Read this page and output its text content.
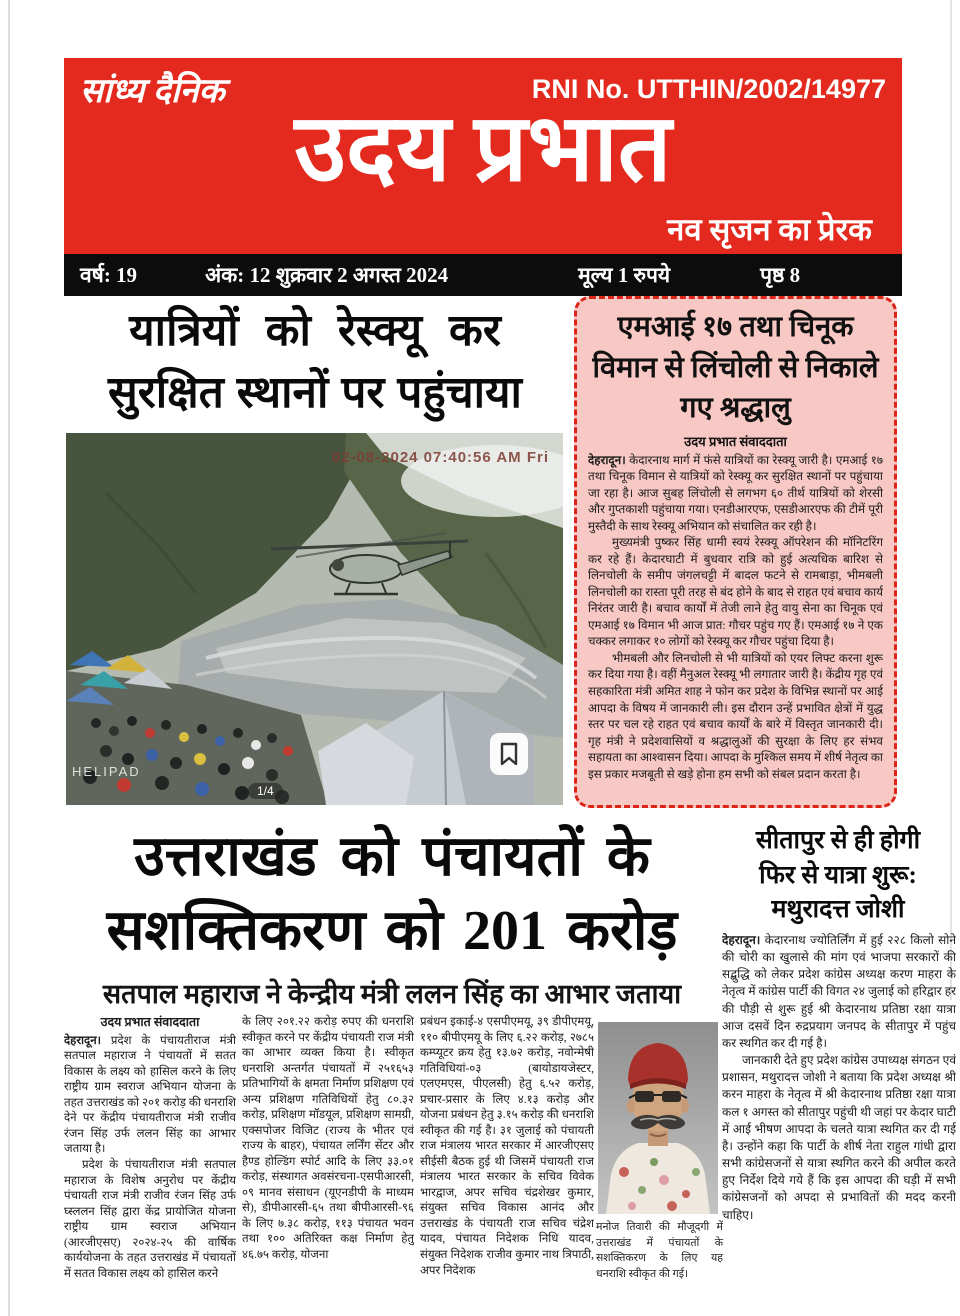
सांध्य दैनिक	RNI No. UTTHIN/2002/14977
उदय प्रभात
नव सृजन का प्रेरक
वर्ष: 19	अंक: 12 शुक्रवार 2 अगस्त 2024	मूल्य 1 रुपये	पृष्ठ 8
यात्रियों को रेस्क्यू कर
सुरक्षित स्थानों पर पहुंचाया
02-08-2024 07:40:56 AM Fri
HELIPAD
1/4
एमआई १७ तथा चिनूक विमान से लिंचोली से निकाले गए श्रद्धालु
उदय प्रभात संवाददाता

देहरादून। केदारनाथ मार्ग में फंसे यात्रियों का रेस्क्यू जारी है। एमआई १७ तथा चिनूक विमान से यात्रियों को रेस्क्यू कर सुरक्षित स्थानों पर पहुंचाया जा रहा है। आज सुबह लिंचोली से लगभग ६० तीर्थ यात्रियों को शेरसी और गुप्तकाशी पहुंचाया गया। एनडीआरएफ, एसडीआरएफ की टीमें पूरी मुस्तैदी के साथ रेस्क्यू अभियान को संचालित कर रही है।

मुख्यमंत्री पुष्कर सिंह धामी स्वयं रेस्क्यू ऑपरेशन की मॉनिटरिंग कर रहे हैं। केदारघाटी में बुधवार रात्रि को हुई अत्यधिक बारिश से लिनचोली के समीप जंगलचट्टी में बादल फटने से रामबाड़ा, भीमबली लिनचोली का रास्ता पूरी तरह से बंद होने के बाद से राहत एवं बचाव कार्य निरंतर जारी है। बचाव कार्यों में तेजी लाने हेतु वायु सेना का चिनूक एवं एमआई १७ विमान भी आज प्रात: गौचर पहुंच गए हैं। एमआई १७ ने एक चक्कर लगाकर १० लोगों को रेस्क्यू कर गौचर पहुंचा दिया है।

भीमबली और लिनचोली से भी यात्रियों को एयर लिफ्ट करना शुरू कर दिया गया है। वहीं मैनुअल रेस्क्यू भी लगातार जारी है। केंद्रीय गृह एवं सहकारिता मंत्री अमित शाह ने फोन कर प्रदेश के विभिन्न स्थानों पर आई आपदा के विषय में जानकारी ली। इस दौरान उन्हें प्रभावित क्षेत्रों में युद्ध स्तर पर चल रहे राहत एवं बचाव कार्यों के बारे में विस्तृत जानकारी दी। गृह मंत्री ने प्रदेशवासियों व श्रद्धालुओं की सुरक्षा के लिए हर संभव सहायता का आश्वासन दिया। आपदा के मुश्किल समय में शीर्ष नेतृत्व का इस प्रकार मजबूती से खड़े होना हम सभी को संबल प्रदान करता है।

उत्तराखंड को पंचायतों के
सशक्तिकरण को 201 करोड़
सतपाल महाराज ने केन्द्रीय मंत्री ललन सिंह का आभार जताया
उदय प्रभात संवाददाता

देहरादून। प्रदेश के पंचायतीराज मंत्री सतपाल महाराज ने पंचायतों में सतत विकास के लक्ष्य को हासिल करने के लिए राष्ट्रीय ग्राम स्वराज अभियान योजना के तहत उत्तराखंड को २०१ करोड़ की धनराशि देने पर केंद्रीय पंचायतीराज मंत्री राजीव रंजन सिंह उर्फ ललन सिंह का आभार जताया है।

प्रदेश के पंचायतीराज मंत्री सतपाल महाराज के विशेष अनुरोध पर केंद्रीय पंचायती राज मंत्री राजीव रंजन सिंह उर्फ घ्स्ललन सिंह द्वारा केंद्र प्रायोजित योजना राष्ट्रीय ग्राम स्वराज अभियान (आरजीएसए) २०२४-२५ की वार्षिक कार्ययोजना के तहत उत्तराखंड में पंचायतों में सतत विकास लक्ष्य को हासिल करने

के लिए २०१.२२ करोड़ रुपए की धनराशि स्वीकृत करने पर केंद्रीय पंचायती राज मंत्री का आभार व्यक्त किया है। स्वीकृत धनराशि अन्तर्गत पंचायतों में २५१६५३ प्रतिभागियों के क्षमता निर्माण प्रशिक्षण एवं अन्य प्रशिक्षण गतिविधियों हेतु ८०.३२ करोड़, प्रशिक्षण मॉडयूल, प्रशिक्षण सामग्री, एक्सपोजर विजिट (राज्य के भीतर एवं राज्य के बाहर), पंचायत लर्निंग सेंटर और हैण्ड होल्डिंग स्पोर्ट आदि के लिए ३३.०१ करोड़, संस्थागत अवसंरचना-एसपीआरसी, ०९ मानव संसाधन (यूएनडीपी के माध्यम से), डीपीआरसी-६५ तथा बीपीआरसी-९६ के लिए ७.३८ करोड़, ११३ पंचायत भवन तथा १०० अतिरिक्त कक्ष निर्माण हेतु ४६.७५ करोड़, योजना

प्रबंधन इकाई-४ एसपीएमयू, ३९ डीपीएमयू, ११० बीपीएमयू के लिए ६.२२ करोड़, २७८५ कम्प्यूटर क्रय हेतु १३.७२ करोड़, नवोन्मेषी गतिविधियां-०३ (बायोडायजेस्टर, एलएमएस, पीएलसी) हेतु ६.५२ करोड़, प्रचार-प्रसार के लिए ४.१३ करोड़ और योजना प्रबंधन हेतु ३.१५ करोड़ की धनराशि स्वीकृत की गई है। ३१ जुलाई को पंचायती राज मंत्रालय भारत सरकार में आरजीएसए सीईसी बैठक हुई थी जिसमें पंचायती राज मंत्रालय भारत सरकार के सचिव विवेक भारद्वाज, अपर सचिव चंद्रशेखर कुमार, संयुक्त सचिव विकास आनंद और उत्तराखंड के पंचायती राज सचिव चंद्रेश यादव, पंचायत निदेशक निधि यादव, संयुक्त निदेशक राजीव कुमार नाथ त्रिपाठी, अपर निदेशक

मनोज तिवारी की मौजूदगी में उत्तराखंड में पंचायतों के सशक्तिकरण के लिए यह धनराशि स्वीकृत की गई।
सीतापुर से ही होगी
फिर से यात्रा शुरू:
मथुरादत्त जोशी

देहरादून। केदारनाथ ज्योतिर्लिंग में हुई २२८ किलो सोने की चोरी का खुलासे की मांग एवं भाजपा सरकारों की सद्बुद्धि को लेकर प्रदेश कांग्रेस अध्यक्ष करण माहरा के नेतृत्व में कांग्रेस पार्टी की विगत २४ जुलाई को हरिद्वार हर की पौड़ी से शुरू हुई श्री केदारनाथ प्रतिष्ठा रक्षा यात्रा आज दसवें दिन रुद्रप्रयाग जनपद के सीतापुर में पहुंच कर स्थगित कर दी गई है।

जानकारी देते हुए प्रदेश कांग्रेस उपाध्यक्ष संगठन एवं प्रशासन, मथुरादत्त जोशी ने बताया कि प्रदेश अध्यक्ष श्री करन माहरा के नेतृत्व में श्री केदारनाथ प्रतिष्ठा रक्षा यात्रा कल १ अगस्त को सीतापुर पहुंची थी जहां पर केदार घाटी में आई भीषण आपदा के चलते यात्रा स्थगित कर दी गई है। उन्होंने कहा कि पार्टी के शीर्ष नेता राहुल गांधी द्वारा सभी कांग्रेसजनों से यात्रा स्थगित करने की अपील करते हुए निर्देश दिये गये हैं कि इस आपदा की घड़ी में सभी कांग्रेसजनों को अपदा से प्रभावितों की मदद करनी चाहिए।
